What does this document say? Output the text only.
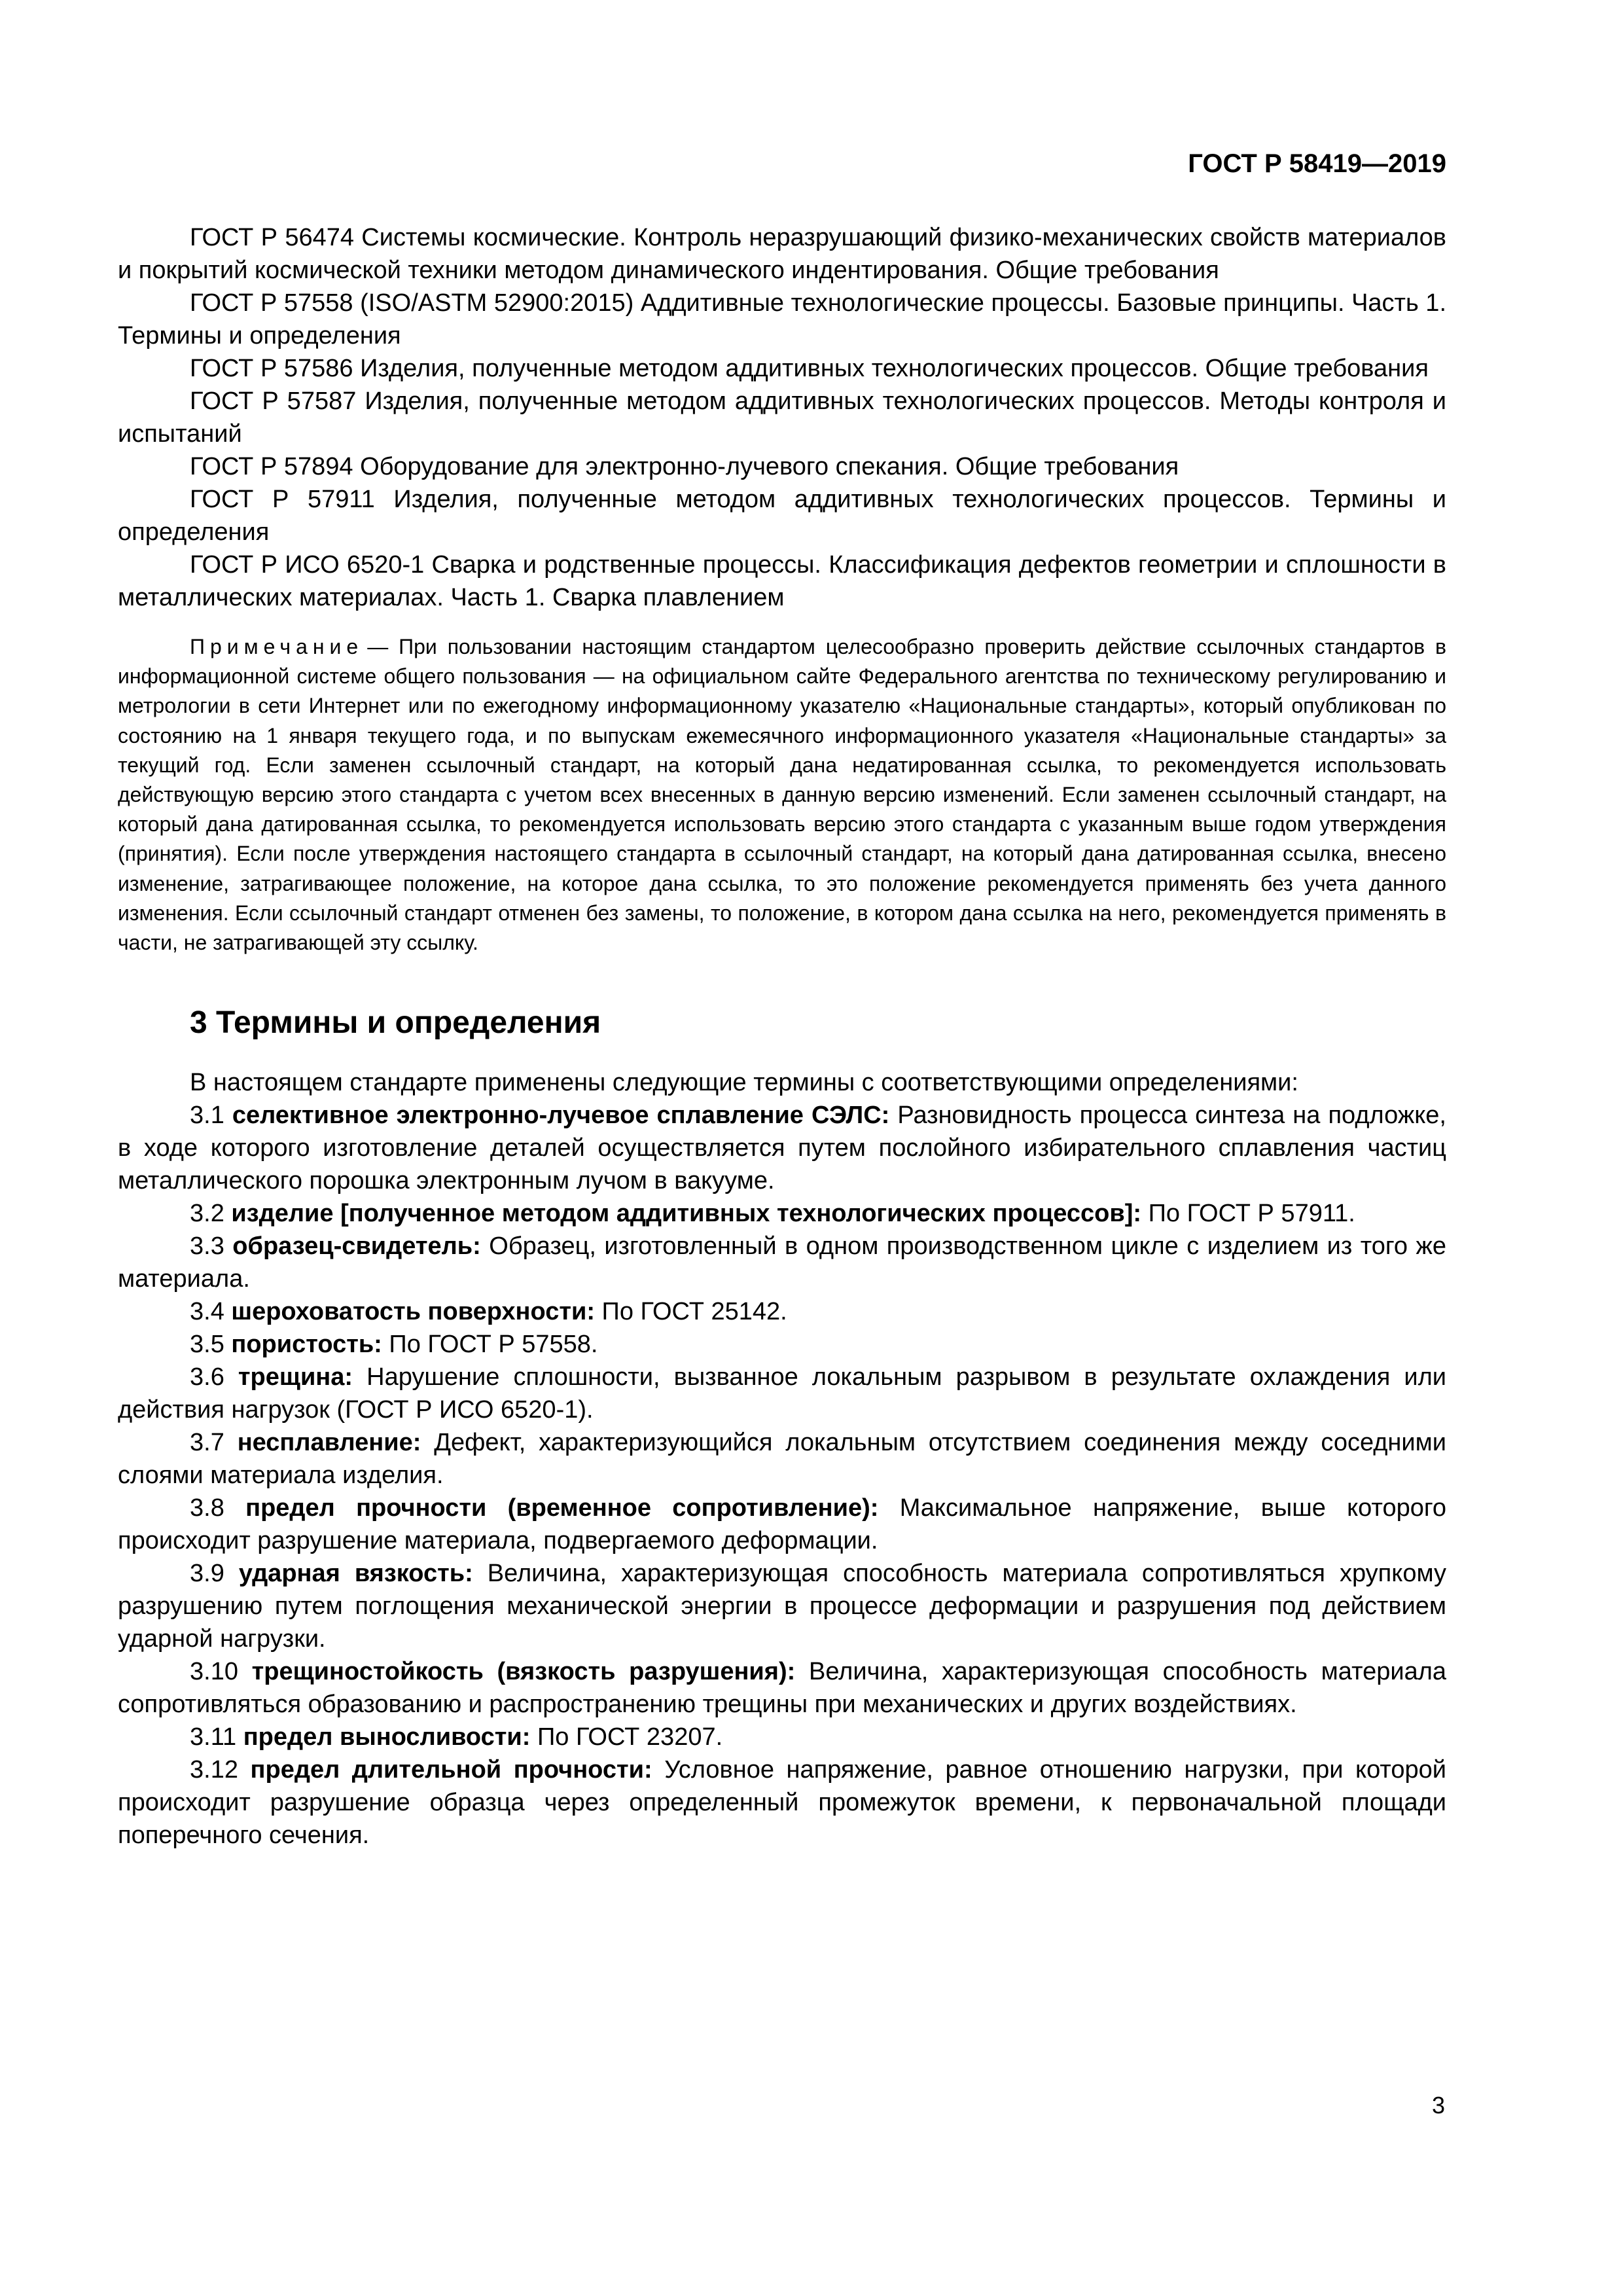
ГОСТ Р 58419—2019

ГОСТ Р 56474 Системы космические. Контроль неразрушающий физико-механических свойств материалов и покрытий космической техники методом динамического индентирования. Общие требования

ГОСТ Р 57558 (ISO/ASTM 52900:2015) Аддитивные технологические процессы. Базовые принципы. Часть 1. Термины и определения

ГОСТ Р 57586 Изделия, полученные методом аддитивных технологических процессов. Общие требования

ГОСТ Р 57587 Изделия, полученные методом аддитивных технологических процессов. Методы контроля и испытаний

ГОСТ Р 57894 Оборудование для электронно-лучевого спекания. Общие требования

ГОСТ Р 57911 Изделия, полученные методом аддитивных технологических процессов. Термины и определения

ГОСТ Р ИСО 6520-1 Сварка и родственные процессы. Классификация дефектов геометрии и сплошности в металлических материалах. Часть 1. Сварка плавлением

Примечание — При пользовании настоящим стандартом целесообразно проверить действие ссылочных стандартов в информационной системе общего пользования — на официальном сайте Федерального агентства по техническому регулированию и метрологии в сети Интернет или по ежегодному информационному указателю «Национальные стандарты», который опубликован по состоянию на 1 января текущего года, и по выпускам ежемесячного информационного указателя «Национальные стандарты» за текущий год. Если заменен ссылочный стандарт, на который дана недатированная ссылка, то рекомендуется использовать действующую версию этого стандарта с учетом всех внесенных в данную версию изменений. Если заменен ссылочный стандарт, на который дана датированная ссылка, то рекомендуется использовать версию этого стандарта с указанным выше годом утверждения (принятия). Если после утверждения настоящего стандарта в ссылочный стандарт, на который дана датированная ссылка, внесено изменение, затрагивающее положение, на которое дана ссылка, то это положение рекомендуется применять без учета данного изменения. Если ссылочный стандарт отменен без замены, то положение, в котором дана ссылка на него, рекомендуется применять в части, не затрагивающей эту ссылку.
3 Термины и определения

В настоящем стандарте применены следующие термины с соответствующими определениями:

3.1 селективное электронно-лучевое сплавление СЭЛС: Разновидность процесса синтеза на подложке, в ходе которого изготовление деталей осуществляется путем послойного избирательного сплавления частиц металлического порошка электронным лучом в вакууме.

3.2 изделие [полученное методом аддитивных технологических процессов]: По ГОСТ Р 57911.

3.3 образец-свидетель: Образец, изготовленный в одном производственном цикле с изделием из того же материала.

3.4 шероховатость поверхности: По ГОСТ 25142.

3.5 пористость: По ГОСТ Р 57558.

3.6 трещина: Нарушение сплошности, вызванное локальным разрывом в результате охлаждения или действия нагрузок (ГОСТ Р ИСО 6520-1).

3.7 несплавление: Дефект, характеризующийся локальным отсутствием соединения между соседними слоями материала изделия.

3.8 предел прочности (временное сопротивление): Максимальное напряжение, выше которого происходит разрушение материала, подвергаемого деформации.

3.9 ударная вязкость: Величина, характеризующая способность материала сопротивляться хрупкому разрушению путем поглощения механической энергии в процессе деформации и разрушения под действием ударной нагрузки.

3.10 трещиностойкость (вязкость разрушения): Величина, характеризующая способность материала сопротивляться образованию и распространению трещины при механических и других воздействиях.

3.11 предел выносливости: По ГОСТ 23207.

3.12 предел длительной прочности: Условное напряжение, равное отношению нагрузки, при которой происходит разрушение образца через определенный промежуток времени, к первоначальной площади поперечного сечения.

3
